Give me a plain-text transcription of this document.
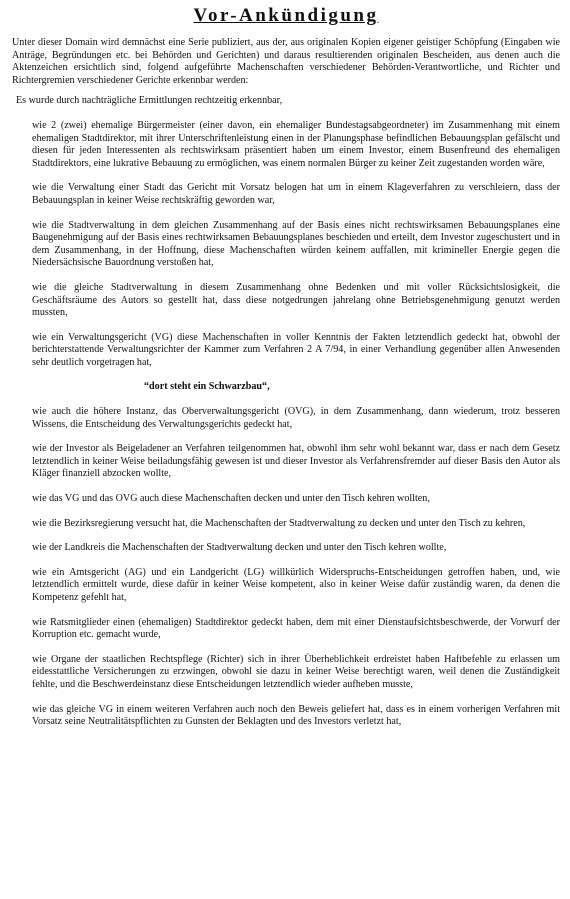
Vor-Ankündigung

Unter dieser Domain wird demnächst eine Serie publiziert, aus der, aus originalen Kopien eigener geistiger Schöpfung (Eingaben wie Anträge, Begründungen etc. bei Behörden und Gerichten) und daraus resultierenden originalen Bescheiden, aus denen auch die Aktenzeichen ersichtlich sind, folgend aufgeführte Machenschaften verschiedener Behörden-Verantwortliche, und Richter und Richtergremien verschiedener Gerichte erkennbar werden:

Es wurde durch nachträgliche Ermittlungen rechtzeitig erkennbar,

wie 2 (zwei) ehemalige Bürgermeister (einer davon, ein ehemaliger Bundestagsabgeordneter) im Zusammenhang mit einem ehemaligen Stadtdirektor, mit ihrer Unterschriftenleistung einen in der Planungsphase befindlichen Bebauungsplan gefälscht und diesen für jeden Interessenten als rechtswirksam präsentiert haben um einem Investor, einem Busenfreund des ehemaligen Stadtdirektors, eine lukrative Bebauung zu ermöglichen, was einem normalen Bürger zu keiner Zeit zugestanden worden wäre,

wie die Verwaltung einer Stadt das Gericht mit Vorsatz belogen hat um in einem Klageverfahren zu verschleiern, dass der Bebauungsplan in keiner Weise rechtskräftig geworden war,

wie die Stadtverwaltung in dem gleichen Zusammenhang auf der Basis eines nicht rechtswirksamen Bebauungsplanes eine Baugenehmigung auf der Basis eines rechtwirksamen Bebauungsplanes beschieden und erteilt, dem Investor zugeschustert und in dem Zusammenhang, in der Hoffnung, diese Machenschaften würden keinem auffallen, mit krimineller Energie gegen die Niedersächsische Bauordnung verstoßen hat,

wie die gleiche Stadtverwaltung in diesem Zusammenhang ohne Bedenken und mit voller Rücksichtslosigkeit, die Geschäftsräume des Autors so gestellt hat, dass diese notgedrungen jahrelang ohne Betriebsgenehmigung genutzt werden mussten,

wie ein Verwaltungsgericht (VG) diese Machenschaften in voller Kenntnis der Fakten letztendlich gedeckt hat, obwohl der berichterstattende Verwaltungsrichter der Kammer zum Verfahren 2 A 7/94, in einer Verhandlung gegenüber allen Anwesenden sehr deutlich vorgetragen hat,

“dort steht ein Schwarzbau“,

wie auch die höhere Instanz, das Oberverwaltungsgericht (OVG), in dem Zusammenhang, dann wiederum, trotz besseren Wissens, die Entscheidung des Verwaltungsgerichts gedeckt hat,

wie der Investor als Beigeladener an Verfahren teilgenommen hat, obwohl ihm sehr wohl bekannt war, dass er nach dem Gesetz letztendlich in keiner Weise beiladungsfähig gewesen ist und dieser Investor als Verfahrensfremder auf dieser Basis den Autor als Kläger finanziell abzocken wollte,

wie das VG und das OVG auch diese Machenschaften decken und unter den Tisch kehren wollten,

wie die Bezirksregierung versucht hat, die Machenschaften der Stadtverwaltung zu decken und unter den Tisch zu kehren,

wie der Landkreis die Machenschaften der Stadtverwaltung decken und unter den Tisch kehren wollte,

wie ein Amtsgericht (AG) und ein Landgericht (LG) willkürlich Widerspruchs-Entscheidungen getroffen haben, und, wie letztendlich ermittelt wurde, diese dafür in keiner Weise kompetent, also in keiner Weise dafür zuständig waren, da denen die Kompetenz gefehlt hat,

wie Ratsmitglieder einen (ehemaligen) Stadtdirektor gedeckt haben, dem mit einer Dienstaufsichtsbeschwerde, der Vorwurf der Korruption etc. gemacht wurde,

wie Organe der staatlichen Rechtspflege (Richter) sich in ihrer Überheblichkeit erdreistet haben Haftbefehle zu erlassen um eidesstattliche Versicherungen zu erzwingen, obwohl sie dazu in keiner Weise berechtigt waren, weil denen die Zuständigkeit fehlte, und die Beschwerdeinstanz diese Entscheidungen letztendlich wieder aufheben musste,

wie das gleiche VG in einem weiteren Verfahren auch noch den Beweis geliefert hat, dass es in einem vorherigen Verfahren mit Vorsatz seine Neutralitätspflichten zu Gunsten der Beklagten und des Investors verletzt hat,
